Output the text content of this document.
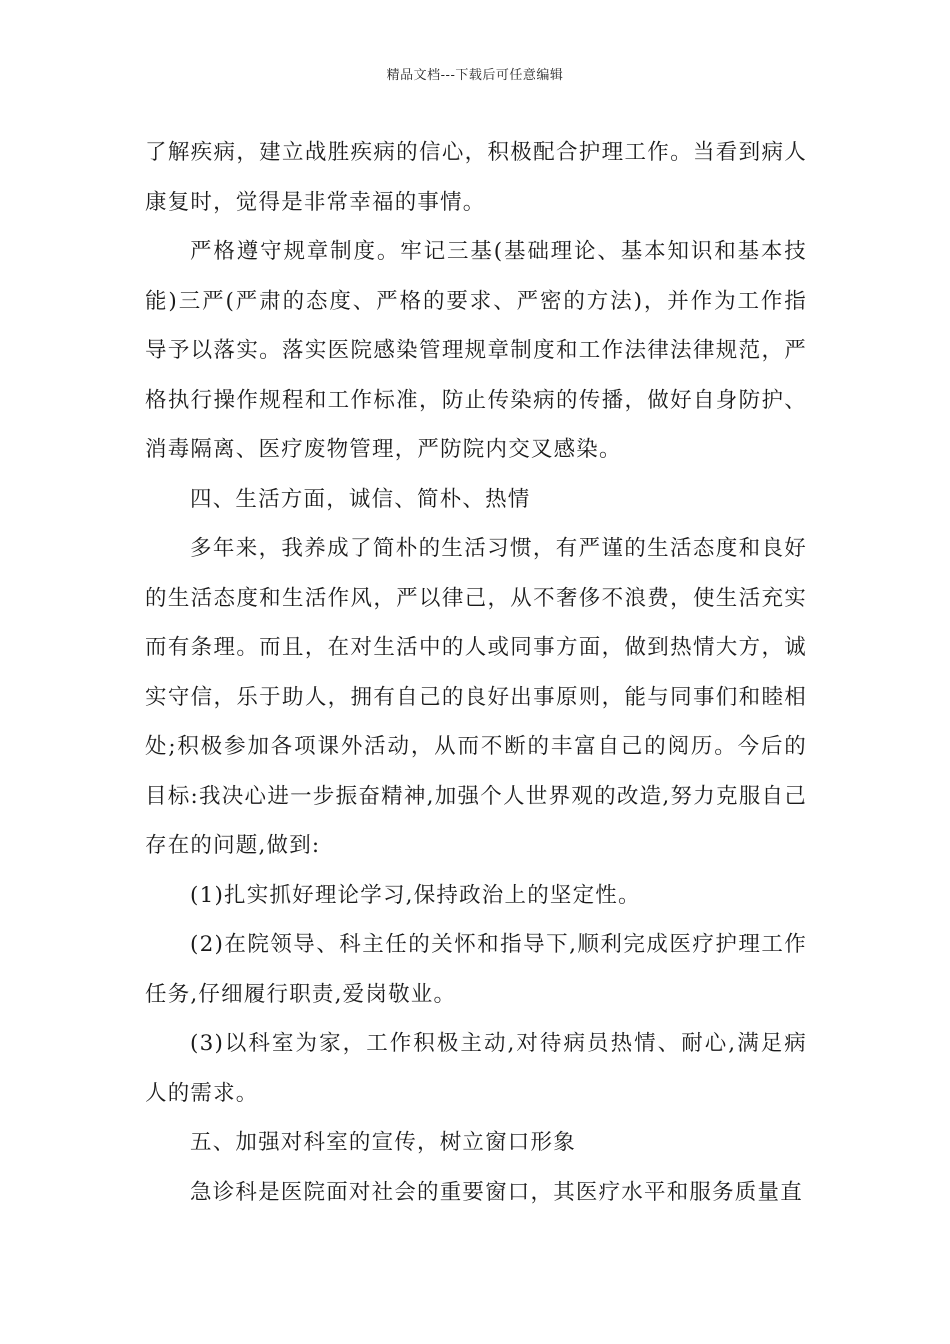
精品文档---下载后可任意编辑

了解疾病，建立战胜疾病的信心，积极配合护理工作。当看到病人康复时，觉得是非常幸福的事情。

严格遵守规章制度。牢记三基(基础理论、基本知识和基本技能)三严(严肃的态度、严格的要求、严密的方法)，并作为工作指导予以落实。落实医院感染管理规章制度和工作法律法律规范，严格执行操作规程和工作标准，防止传染病的传播，做好自身防护、消毒隔离、医疗废物管理，严防院内交叉感染。

四、生活方面，诚信、简朴、热情

多年来，我养成了简朴的生活习惯，有严谨的生活态度和良好的生活态度和生活作风，严以律己，从不奢侈不浪费，使生活充实而有条理。而且，在对生活中的人或同事方面，做到热情大方，诚实守信，乐于助人，拥有自己的良好出事原则，能与同事们和睦相处;积极参加各项课外活动，从而不断的丰富自己的阅历。今后的目标:我决心进一步振奋精神,加强个人世界观的改造,努力克服自己存在的问题,做到:

(1)扎实抓好理论学习,保持政治上的坚定性。

(2)在院领导、科主任的关怀和指导下,顺利完成医疗护理工作任务,仔细履行职责,爱岗敬业。

(3)以科室为家，工作积极主动,对待病员热情、耐心,满足病人的需求。

五、加强对科室的宣传，树立窗口形象

急诊科是医院面对社会的重要窗口，其医疗水平和服务质量直
